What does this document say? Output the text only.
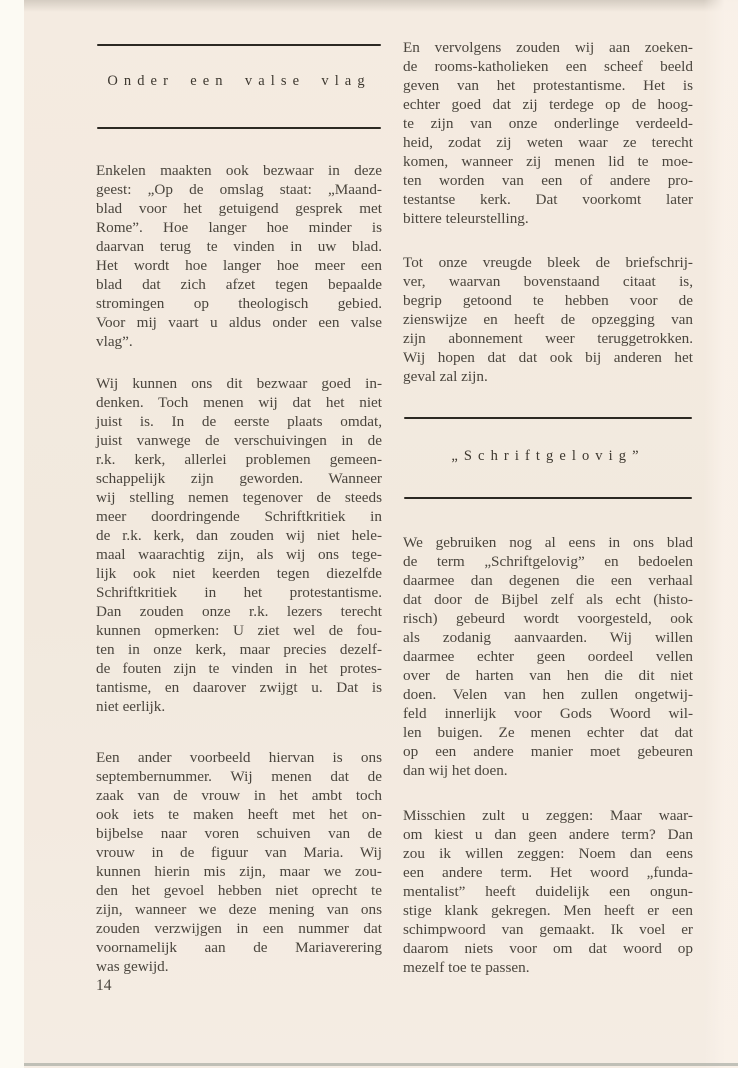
Onder een valse vlag
Enkelen maakten ook bezwaar in deze
geest: „Op de omslag staat: „Maand-
blad voor het getuigend gesprek met
Rome”. Hoe langer hoe minder is
daarvan terug te vinden in uw blad.
Het wordt hoe langer hoe meer een
blad dat zich afzet tegen bepaalde
stromingen op theologisch gebied.
Voor mij vaart u aldus onder een valse
vlag”.
Wij kunnen ons dit bezwaar goed in-
denken. Toch menen wij dat het niet
juist is. In de eerste plaats omdat,
juist vanwege de verschuivingen in de
r.k. kerk, allerlei problemen gemeen-
schappelijk zijn geworden. Wanneer
wij stelling nemen tegenover de steeds
meer doordringende Schriftkritiek in
de r.k. kerk, dan zouden wij niet hele-
maal waarachtig zijn, als wij ons tege-
lijk ook niet keerden tegen diezelfde
Schriftkritiek in het protestantisme.
Dan zouden onze r.k. lezers terecht
kunnen opmerken: U ziet wel de fou-
ten in onze kerk, maar precies dezelf-
de fouten zijn te vinden in het protes-
tantisme, en daarover zwijgt u. Dat is
niet eerlijk.
Een ander voorbeeld hiervan is ons
septembernummer. Wij menen dat de
zaak van de vrouw in het ambt toch
ook iets te maken heeft met het on-
bijbelse naar voren schuiven van de
vrouw in de figuur van Maria. Wij
kunnen hierin mis zijn, maar we zou-
den het gevoel hebben niet oprecht te
zijn, wanneer we deze mening van ons
zouden verzwijgen in een nummer dat
voornamelijk aan de Mariaverering
was gewijd.
14
En vervolgens zouden wij aan zoeken-
de rooms-katholieken een scheef beeld
geven van het protestantisme. Het is
echter goed dat zij terdege op de hoog-
te zijn van onze onderlinge verdeeld-
heid, zodat zij weten waar ze terecht
komen, wanneer zij menen lid te moe-
ten worden van een of andere pro-
testantse kerk. Dat voorkomt later
bittere teleurstelling.
Tot onze vreugde bleek de briefschrij-
ver, waarvan bovenstaand citaat is,
begrip getoond te hebben voor de
zienswijze en heeft de opzegging van
zijn abonnement weer teruggetrokken.
Wij hopen dat dat ook bij anderen het
geval zal zijn.
„Schriftgelovig”
We gebruiken nog al eens in ons blad
de term „Schriftgelovig” en bedoelen
daarmee dan degenen die een verhaal
dat door de Bijbel zelf als echt (histo-
risch) gebeurd wordt voorgesteld, ook
als zodanig aanvaarden. Wij willen
daarmee echter geen oordeel vellen
over de harten van hen die dit niet
doen. Velen van hen zullen ongetwij-
feld innerlijk voor Gods Woord wil-
len buigen. Ze menen echter dat dat
op een andere manier moet gebeuren
dan wij het doen.
Misschien zult u zeggen: Maar waar-
om kiest u dan geen andere term? Dan
zou ik willen zeggen: Noem dan eens
een andere term. Het woord „funda-
mentalist” heeft duidelijk een ongun-
stige klank gekregen. Men heeft er een
schimpwoord van gemaakt. Ik voel er
daarom niets voor om dat woord op
mezelf toe te passen.
